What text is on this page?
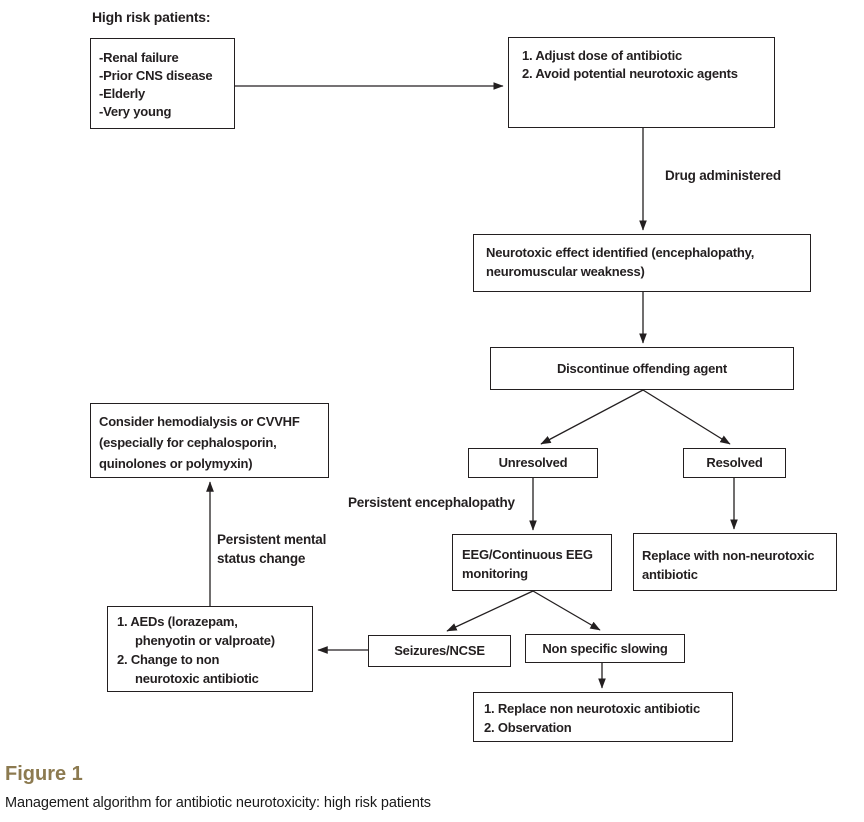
High risk patients:
-Renal failure
-Prior CNS disease
-Elderly
-Very young
1. Adjust dose of antibiotic
2. Avoid potential neurotoxic agents
Drug administered
Neurotoxic effect identified (encephalopathy,
neuromuscular weakness)
Discontinue offending agent
Unresolved	Resolved
Persistent encephalopathy
EEG/Continuous EEG
monitoring
Replace with non-neurotoxic
antibiotic
Consider hemodialysis or CVVHF
(especially for cephalosporin,
quinolones or polymyxin)
Persistent mental
status change
1. AEDs (lorazepam,
phenyotin or valproate)
2. Change to non
neurotoxic antibiotic
Seizures/NCSE	Non specific slowing
1. Replace non neurotoxic antibiotic
2. Observation
Figure 1
Management algorithm for antibiotic neurotoxicity: high risk patients
